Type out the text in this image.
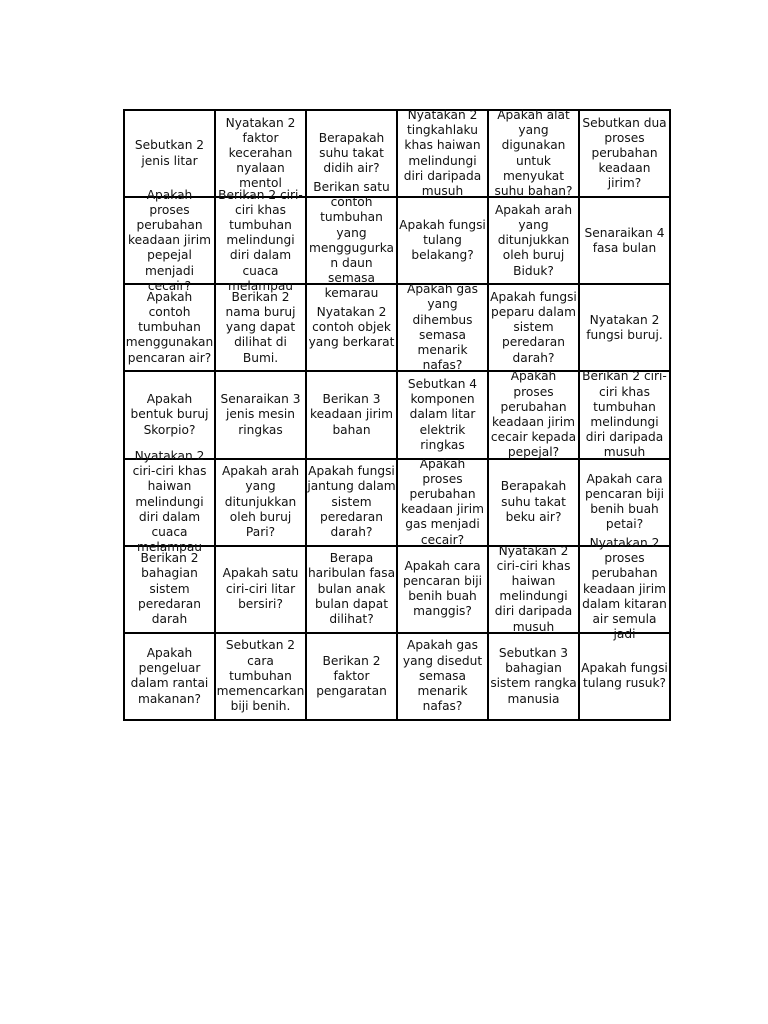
Sebutkan 2 jenis litar	Nyatakan 2 faktor kecerahan nyalaan mentol	Berapakah suhu takat didih air?	Nyatakan 2 tingkahlaku khas haiwan melindungi diri daripada musuh	Apakah alat yang digunakan untuk menyukat suhu bahan?	Sebutkan dua proses perubahan keadaan jirim?

Apakah proses perubahan keadaan jirim pepejal menjadi cecair?	Berikan 2 ciri-ciri khas tumbuhan melindungi diri dalam cuaca melampau	Berikan satu contoh tumbuhan yang menggugurkan daun semasa kemarau	Apakah fungsi tulang belakang?	Apakah arah yang ditunjukkan oleh buruj Biduk?	Senaraikan 4 fasa bulan

Apakah contoh tumbuhan menggunakan pencaran air?	Berikan 2 nama buruj yang dapat dilihat di Bumi.	Nyatakan 2 contoh objek yang berkarat	Apakah gas yang dihembus semasa menarik nafas?	Apakah fungsi peparu dalam sistem peredaran darah?	Nyatakan 2 fungsi buruj.

Apakah bentuk buruj Skorpio?	Senaraikan 3 jenis mesin ringkas	Berikan 3 keadaan jirim bahan	Sebutkan 4 komponen dalam litar elektrik ringkas	Apakah proses perubahan keadaan jirim cecair kepada pepejal?	Berikan 2 ciri-ciri khas tumbuhan melindungi diri daripada musuh

Nyatakan 2 ciri-ciri khas haiwan melindungi diri dalam cuaca melampau	Apakah arah yang ditunjukkan oleh buruj Pari?	Apakah fungsi jantung dalam sistem peredaran darah?	Apakah proses perubahan keadaan jirim gas menjadi cecair?	Berapakah suhu takat beku air?	Apakah cara pencaran biji benih buah petai?

Berikan 2 bahagian sistem peredaran darah	Apakah satu ciri-ciri litar bersiri?	Berapa haribulan fasa bulan anak bulan dapat dilihat?	Apakah cara pencaran biji benih buah manggis?	Nyatakan 2 ciri-ciri khas haiwan melindungi diri daripada musuh	Nyatakan 2 proses perubahan keadaan jirim dalam kitaran air semula jadi

Apakah pengeluar dalam rantai makanan?	Sebutkan 2 cara tumbuhan memencarkan biji benih.	Berikan 2 faktor pengaratan	Apakah gas yang disedut semasa menarik nafas?	Sebutkan 3 bahagian sistem rangka manusia	Apakah fungsi tulang rusuk?
